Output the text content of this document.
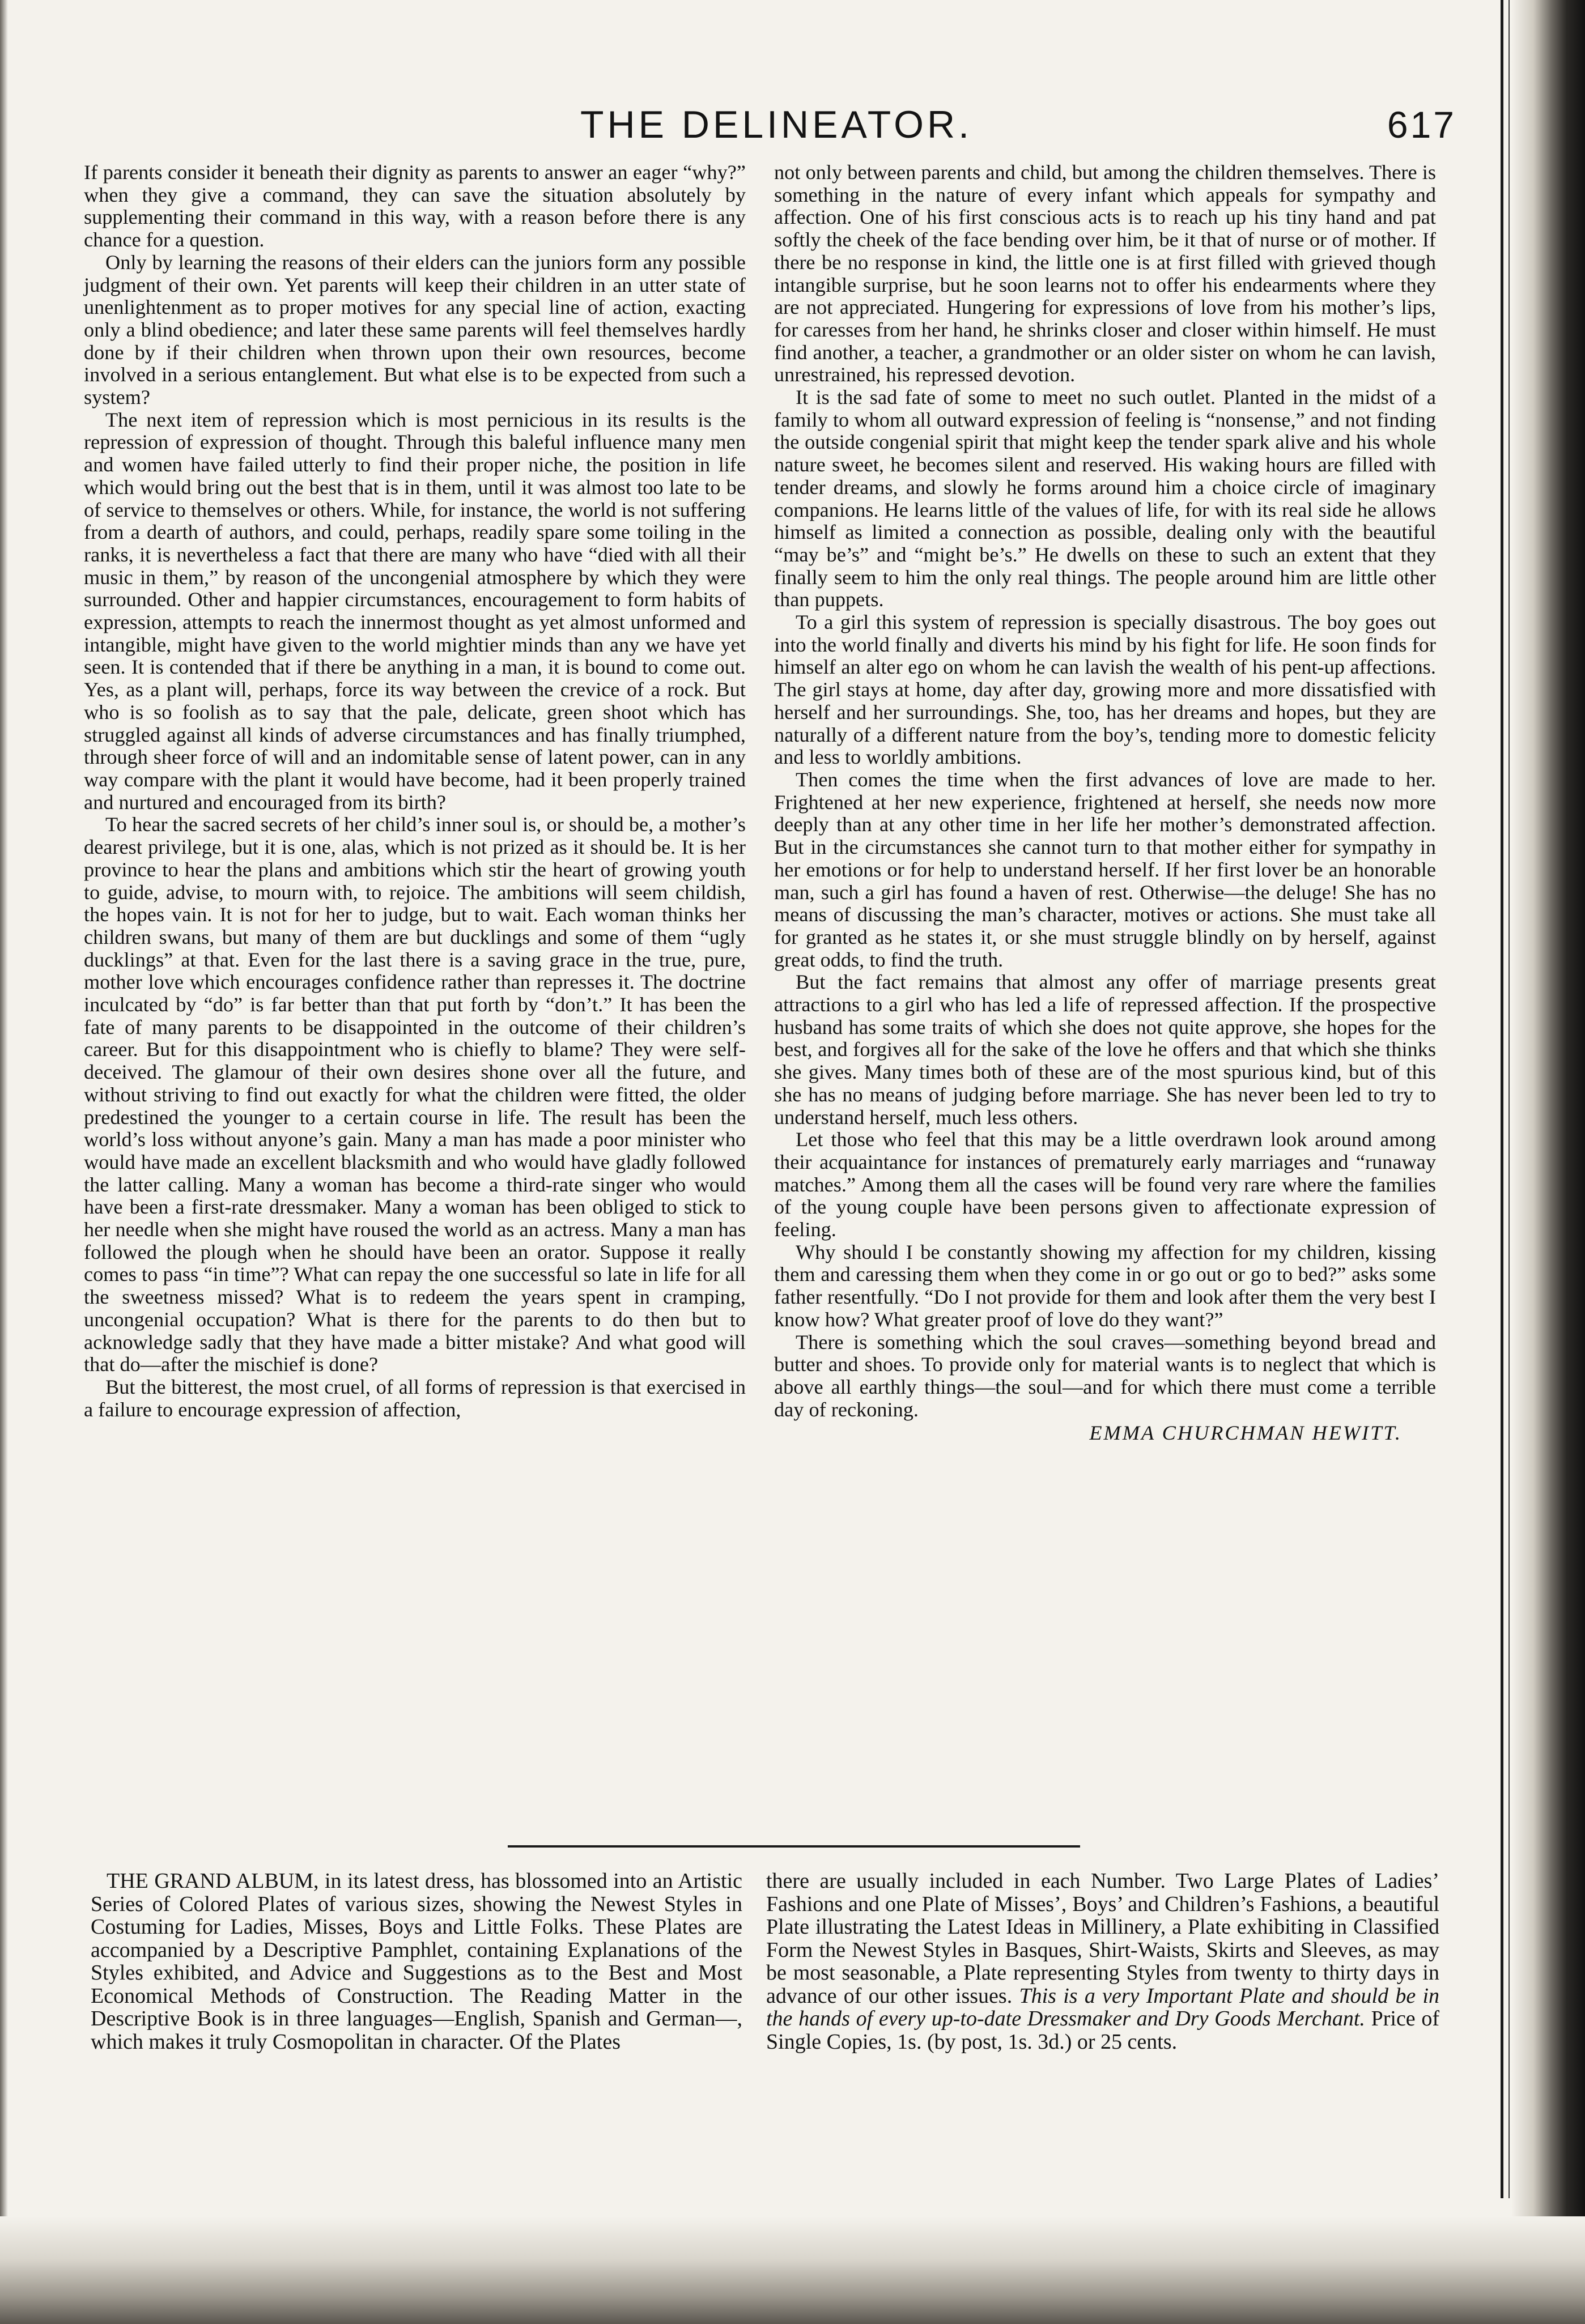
THE DELINEATOR.	617

If parents consider it beneath their dignity as parents to answer an eager “why?” when they give a command, they can save the situation absolutely by supplementing their command in this way, with a reason before there is any chance for a question.

Only by learning the reasons of their elders can the juniors form any possible judgment of their own. Yet parents will keep their children in an utter state of unenlightenment as to proper motives for any special line of action, exacting only a blind obedience; and later these same parents will feel themselves hardly done by if their children when thrown upon their own resources, become involved in a serious entanglement. But what else is to be expected from such a system?

The next item of repression which is most pernicious in its results is the repression of expression of thought. Through this baleful influence many men and women have failed utterly to find their proper niche, the position in life which would bring out the best that is in them, until it was almost too late to be of service to themselves or others. While, for instance, the world is not suffering from a dearth of authors, and could, perhaps, readily spare some toiling in the ranks, it is nevertheless a fact that there are many who have “died with all their music in them,” by reason of the uncongenial atmosphere by which they were surrounded. Other and happier circumstances, encouragement to form habits of expression, attempts to reach the innermost thought as yet almost unformed and intangible, might have given to the world mightier minds than any we have yet seen. It is contended that if there be anything in a man, it is bound to come out. Yes, as a plant will, perhaps, force its way between the crevice of a rock. But who is so foolish as to say that the pale, delicate, green shoot which has struggled against all kinds of adverse circumstances and has finally triumphed, through sheer force of will and an indomitable sense of latent power, can in any way compare with the plant it would have become, had it been properly trained and nurtured and encouraged from its birth?

To hear the sacred secrets of her child’s inner soul is, or should be, a mother’s dearest privilege, but it is one, alas, which is not prized as it should be. It is her province to hear the plans and ambitions which stir the heart of growing youth to guide, advise, to mourn with, to rejoice. The ambitions will seem childish, the hopes vain. It is not for her to judge, but to wait. Each woman thinks her children swans, but many of them are but ducklings and some of them “ugly ducklings” at that. Even for the last there is a saving grace in the true, pure, mother love which encourages confidence rather than represses it. The doctrine inculcated by “do” is far better than that put forth by “don’t.” It has been the fate of many parents to be disappointed in the outcome of their children’s career. But for this disappointment who is chiefly to blame? They were self-deceived. The glamour of their own desires shone over all the future, and without striving to find out exactly for what the children were fitted, the older predestined the younger to a certain course in life. The result has been the world’s loss without anyone’s gain. Many a man has made a poor minister who would have made an excellent blacksmith and who would have gladly followed the latter calling. Many a woman has become a third-rate singer who would have been a first-rate dressmaker. Many a woman has been obliged to stick to her needle when she might have roused the world as an actress. Many a man has followed the plough when he should have been an orator. Suppose it really comes to pass “in time”? What can repay the one successful so late in life for all the sweetness missed? What is to redeem the years spent in cramping, uncongenial occupation? What is there for the parents to do then but to acknowledge sadly that they have made a bitter mistake? And what good will that do—after the mischief is done?

But the bitterest, the most cruel, of all forms of repression is that exercised in a failure to encourage expression of affection,

not only between parents and child, but among the children themselves. There is something in the nature of every infant which appeals for sympathy and affection. One of his first conscious acts is to reach up his tiny hand and pat softly the cheek of the face bending over him, be it that of nurse or of mother. If there be no response in kind, the little one is at first filled with grieved though intangible surprise, but he soon learns not to offer his endearments where they are not appreciated. Hungering for expressions of love from his mother’s lips, for caresses from her hand, he shrinks closer and closer within himself. He must find another, a teacher, a grandmother or an older sister on whom he can lavish, unrestrained, his repressed devotion.

It is the sad fate of some to meet no such outlet. Planted in the midst of a family to whom all outward expression of feeling is “nonsense,” and not finding the outside congenial spirit that might keep the tender spark alive and his whole nature sweet, he becomes silent and reserved. His waking hours are filled with tender dreams, and slowly he forms around him a choice circle of imaginary companions. He learns little of the values of life, for with its real side he allows himself as limited a connection as possible, dealing only with the beautiful “may be’s” and “might be’s.” He dwells on these to such an extent that they finally seem to him the only real things. The people around him are little other than puppets.

To a girl this system of repression is specially disastrous. The boy goes out into the world finally and diverts his mind by his fight for life. He soon finds for himself an alter ego on whom he can lavish the wealth of his pent-up affections. The girl stays at home, day after day, growing more and more dissatisfied with herself and her surroundings. She, too, has her dreams and hopes, but they are naturally of a different nature from the boy’s, tending more to domestic felicity and less to worldly ambitions.

Then comes the time when the first advances of love are made to her. Frightened at her new experience, frightened at herself, she needs now more deeply than at any other time in her life her mother’s demonstrated affection. But in the circumstances she cannot turn to that mother either for sympathy in her emotions or for help to understand herself. If her first lover be an honorable man, such a girl has found a haven of rest. Otherwise—the deluge! She has no means of discussing the man’s character, motives or actions. She must take all for granted as he states it, or she must struggle blindly on by herself, against great odds, to find the truth.

But the fact remains that almost any offer of marriage presents great attractions to a girl who has led a life of repressed affection. If the prospective husband has some traits of which she does not quite approve, she hopes for the best, and forgives all for the sake of the love he offers and that which she thinks she gives. Many times both of these are of the most spurious kind, but of this she has no means of judging before marriage. She has never been led to try to understand herself, much less others.

Let those who feel that this may be a little overdrawn look around among their acquaintance for instances of prematurely early marriages and “runaway matches.” Among them all the cases will be found very rare where the families of the young couple have been persons given to affectionate expression of feeling.

Why should I be constantly showing my affection for my children, kissing them and caressing them when they come in or go out or go to bed?” asks some father resentfully. “Do I not provide for them and look after them the very best I know how? What greater proof of love do they want?”

There is something which the soul craves—something beyond bread and butter and shoes. To provide only for material wants is to neglect that which is above all earthly things—the soul—and for which there must come a terrible day of reckoning.

EMMA CHURCHMAN HEWITT.

THE GRAND ALBUM, in its latest dress, has blossomed into an Artistic Series of Colored Plates of various sizes, showing the Newest Styles in Costuming for Ladies, Misses, Boys and Little Folks. These Plates are accompanied by a Descriptive Pamphlet, containing Explanations of the Styles exhibited, and Advice and Suggestions as to the Best and Most Economical Methods of Construction. The Reading Matter in the Descriptive Book is in three languages—English, Spanish and German—, which makes it truly Cosmopolitan in character. Of the Plates

there are usually included in each Number. Two Large Plates of Ladies’ Fashions and one Plate of Misses’, Boys’ and Children’s Fashions, a beautiful Plate illustrating the Latest Ideas in Millinery, a Plate exhibiting in Classified Form the Newest Styles in Basques, Shirt-Waists, Skirts and Sleeves, as may be most seasonable, a Plate representing Styles from twenty to thirty days in advance of our other issues. This is a very Important Plate and should be in the hands of every up-to-date Dressmaker and Dry Goods Merchant. Price of Single Copies, 1s. (by post, 1s. 3d.) or 25 cents.
